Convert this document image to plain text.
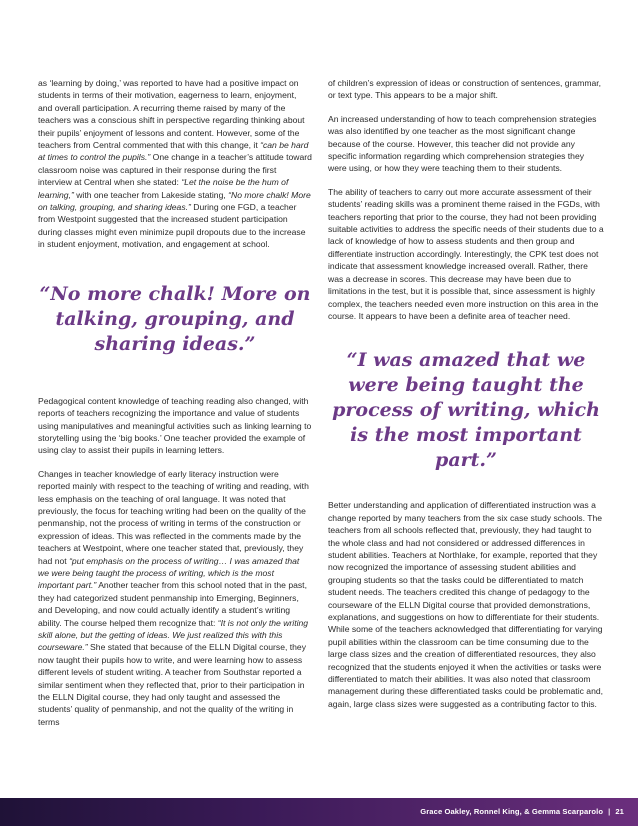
as ‘learning by doing,’ was reported to have had a positive impact on students in terms of their motivation, eagerness to learn, enjoyment, and overall participation. A recurring theme raised by many of the teachers was a conscious shift in perspective regarding thinking about their pupils’ enjoyment of lessons and content. However, some of the teachers from Central commented that with this change, it “can be hard at times to control the pupils.” One change in a teacher’s attitude toward classroom noise was captured in their response during the first interview at Central when she stated: “Let the noise be the hum of learning,” with one teacher from Lakeside stating, “No more chalk! More on talking, grouping, and sharing ideas.” During one FGD, a teacher from Westpoint suggested that the increased student participation during classes might even minimize pupil dropouts due to the increase in student enjoyment, motivation, and engagement at school.

“No more chalk! More on talking, grouping, and sharing ideas.”

Pedagogical content knowledge of teaching reading also changed, with reports of teachers recognizing the importance and value of students using manipulatives and meaningful activities such as linking learning to storytelling using the ‘big books.’ One teacher provided the example of using clay to assist their pupils in learning letters.

Changes in teacher knowledge of early literacy instruction were reported mainly with respect to the teaching of writing and reading, with less emphasis on the teaching of oral language. It was noted that previously, the focus for teaching writing had been on the quality of the penmanship, not the process of writing in terms of the construction or expression of ideas. This was reflected in the comments made by the teachers at Westpoint, where one teacher stated that, previously, they had not “put emphasis on the process of writing… I was amazed that we were being taught the process of writing, which is the most important part.” Another teacher from this school noted that in the past, they had categorized student penmanship into Emerging, Beginners, and Developing, and now could actually identify a student’s writing ability. The course helped them recognize that: “It is not only the writing skill alone, but the getting of ideas. We just realized this with this courseware.” She stated that because of the ELLN Digital course, they now taught their pupils how to write, and were learning how to assess different levels of student writing. A teacher from Southstar reported a similar sentiment when they reflected that, prior to their participation in the ELLN Digital course, they had only taught and assessed the students’ quality of penmanship, and not the quality of the writing in terms

of children’s expression of ideas or construction of sentences, grammar, or text type. This appears to be a major shift.

An increased understanding of how to teach comprehension strategies was also identified by one teacher as the most significant change because of the course. However, this teacher did not provide any specific information regarding which comprehension strategies they were using, or how they were teaching them to their students.

The ability of teachers to carry out more accurate assessment of their students’ reading skills was a prominent theme raised in the FGDs, with teachers reporting that prior to the course, they had not been providing suitable activities to address the specific needs of their students due to a lack of knowledge of how to assess students and then group and differentiate instruction accordingly. Interestingly, the CPK test does not indicate that assessment knowledge increased overall. Rather, there was a decrease in scores. This decrease may have been due to limitations in the test, but it is possible that, since assessment is highly complex, the teachers needed even more instruction on this area in the course. It appears to have been a definite area of teacher need.

“I was amazed that we were being taught the process of writing, which is the most important part.”

Better understanding and application of differentiated instruction was a change reported by many teachers from the six case study schools. The teachers from all schools reflected that, previously, they had taught to the whole class and had not considered or addressed differences in student abilities. Teachers at Northlake, for example, reported that they now recognized the importance of assessing student abilities and grouping students so that the tasks could be differentiated to match student needs. The teachers credited this change of pedagogy to the courseware of the ELLN Digital course that provided demonstrations, explanations, and suggestions on how to differentiate for their students. While some of the teachers acknowledged that differentiating for varying pupil abilities within the classroom can be time consuming due to the large class sizes and the creation of differentiated resources, they also recognized that the students enjoyed it when the activities or tasks were differentiated to match their abilities. It was also noted that classroom management during these differentiated tasks could be problematic and, again, large class sizes were suggested as a contributing factor to this.

Grace Oakley, Ronnel King, & Gemma Scarparolo | 21
